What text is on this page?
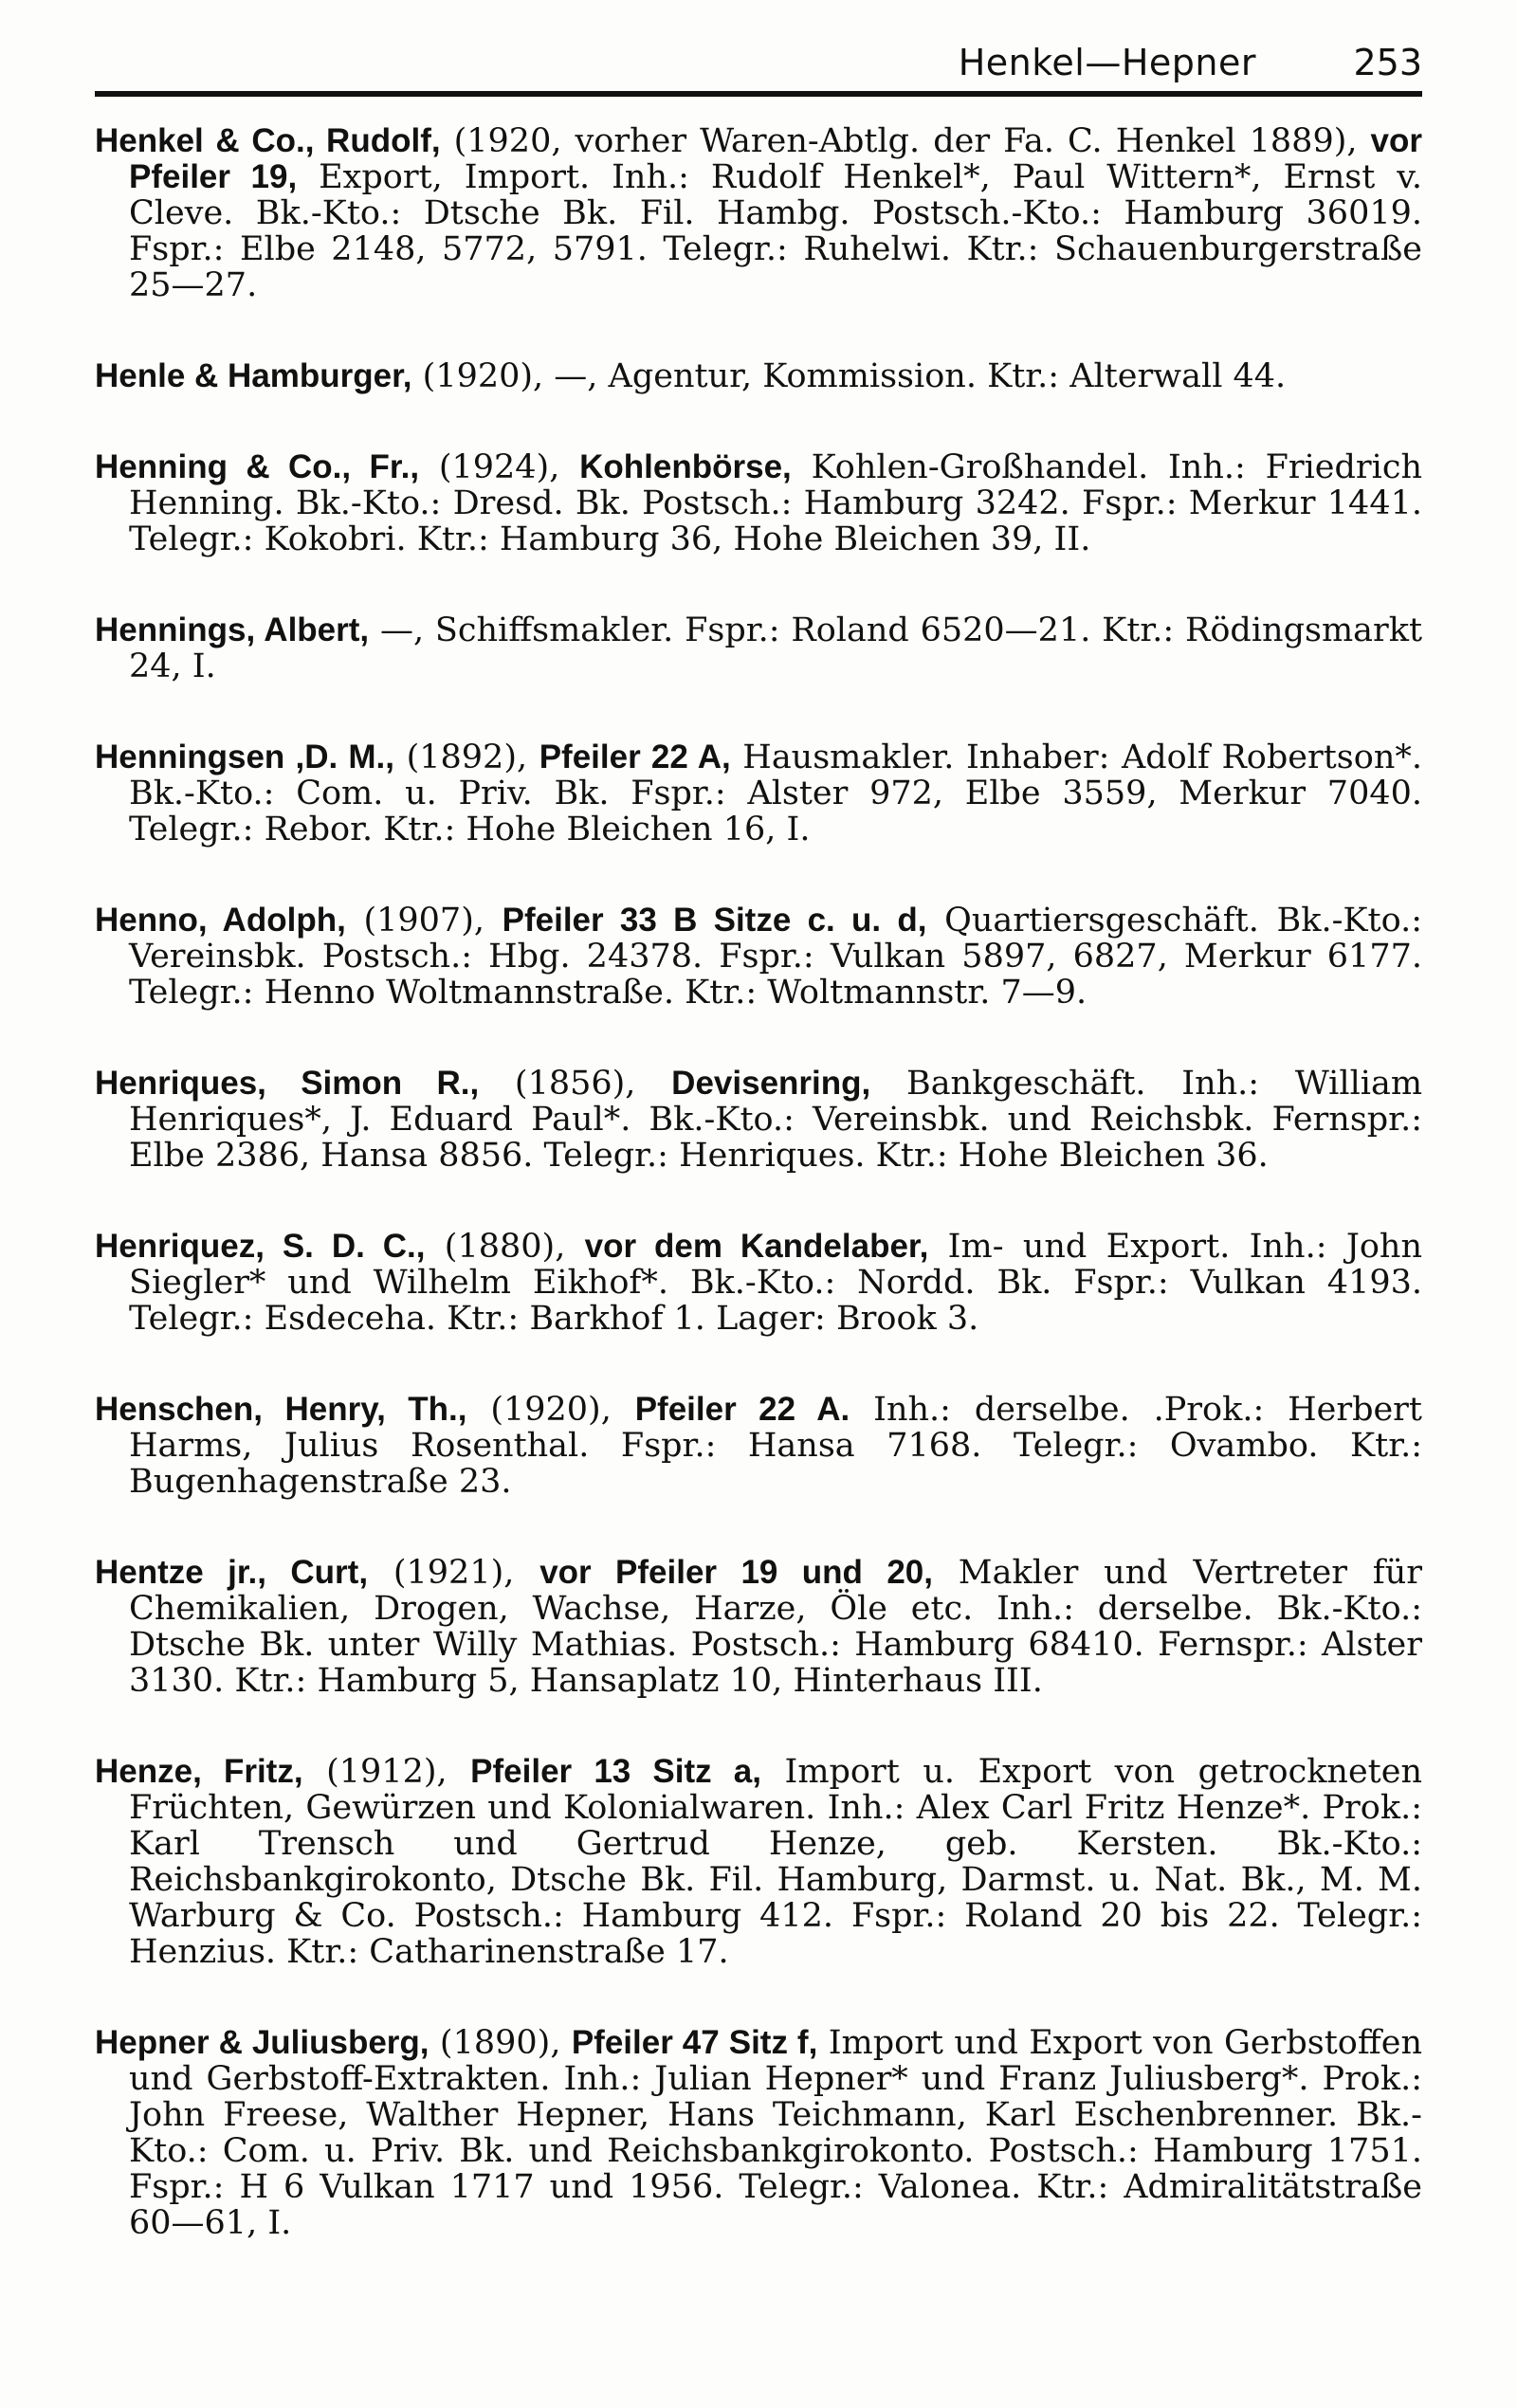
Henkel—Hepner	253

Henkel & Co., Rudolf, (1920, vorher Waren-Abtlg. der Fa. C. Henkel 1889), vor Pfeiler 19, Export, Import. Inh.: Rudolf Henkel*, Paul Wittern*, Ernst v. Cleve. Bk.-Kto.: Dtsche Bk. Fil. Hambg. Postsch.-Kto.: Hamburg 36019. Fspr.: Elbe 2148, 5772, 5791. Telegr.: Ruhelwi. Ktr.: Schauenburgerstraße 25—27.

Henle & Hamburger, (1920), —, Agentur, Kommission. Ktr.: Alterwall 44.

Henning & Co., Fr., (1924), Kohlenbörse, Kohlen-Großhandel. Inh.: Friedrich Henning. Bk.-Kto.: Dresd. Bk. Postsch.: Hamburg 3242. Fspr.: Merkur 1441. Telegr.: Kokobri. Ktr.: Hamburg 36, Hohe Bleichen 39, II.

Hennings, Albert, —, Schiffsmakler. Fspr.: Roland 6520—21. Ktr.: Rödingsmarkt 24, I.

Henningsen ,D. M., (1892), Pfeiler 22 A, Hausmakler. Inhaber: Adolf Robertson*. Bk.-Kto.: Com. u. Priv. Bk. Fspr.: Alster 972, Elbe 3559, Merkur 7040. Telegr.: Rebor. Ktr.: Hohe Bleichen 16, I.

Henno, Adolph, (1907), Pfeiler 33 B Sitze c. u. d, Quartiersgeschäft. Bk.-Kto.: Vereinsbk. Postsch.: Hbg. 24378. Fspr.: Vulkan 5897, 6827, Merkur 6177. Telegr.: Henno Woltmannstraße. Ktr.: Woltmannstr. 7—9.

Henriques, Simon R., (1856), Devisenring, Bankgeschäft. Inh.: William Henriques*, J. Eduard Paul*. Bk.-Kto.: Vereinsbk. und Reichsbk. Fernspr.: Elbe 2386, Hansa 8856. Telegr.: Henriques. Ktr.: Hohe Bleichen 36.

Henriquez, S. D. C., (1880), vor dem Kandelaber, Im- und Export. Inh.: John Siegler* und Wilhelm Eikhof*. Bk.-Kto.: Nordd. Bk. Fspr.: Vulkan 4193. Telegr.: Esdeceha. Ktr.: Barkhof 1. Lager: Brook 3.

Henschen, Henry, Th., (1920), Pfeiler 22 A. Inh.: derselbe. .Prok.: Herbert Harms, Julius Rosenthal. Fspr.: Hansa 7168. Telegr.: Ovambo. Ktr.: Bugenhagenstraße 23.

Hentze jr., Curt, (1921), vor Pfeiler 19 und 20, Makler und Vertreter für Chemikalien, Drogen, Wachse, Harze, Öle etc. Inh.: derselbe. Bk.-Kto.: Dtsche Bk. unter Willy Mathias. Postsch.: Hamburg 68410. Fernspr.: Alster 3130. Ktr.: Hamburg 5, Hansaplatz 10, Hinterhaus III.

Henze, Fritz, (1912), Pfeiler 13 Sitz a, Import u. Export von getrockneten Früchten, Gewürzen und Kolonialwaren. Inh.: Alex Carl Fritz Henze*. Prok.: Karl Trensch und Gertrud Henze, geb. Kersten. Bk.-Kto.: Reichsbankgirokonto, Dtsche Bk. Fil. Hamburg, Darmst. u. Nat. Bk., M. M. Warburg & Co. Postsch.: Hamburg 412. Fspr.: Roland 20 bis 22. Telegr.: Henzius. Ktr.: Catharinenstraße 17.

Hepner & Juliusberg, (1890), Pfeiler 47 Sitz f, Import und Export von Gerbstoffen und Gerbstoff-Extrakten. Inh.: Julian Hepner* und Franz Juliusberg*. Prok.: John Freese, Walther Hepner, Hans Teichmann, Karl Eschenbrenner. Bk.-Kto.: Com. u. Priv. Bk. und Reichsbankgirokonto. Postsch.: Hamburg 1751. Fspr.: H 6 Vulkan 1717 und 1956. Telegr.: Valonea. Ktr.: Admiralitätstraße 60—61, I.
